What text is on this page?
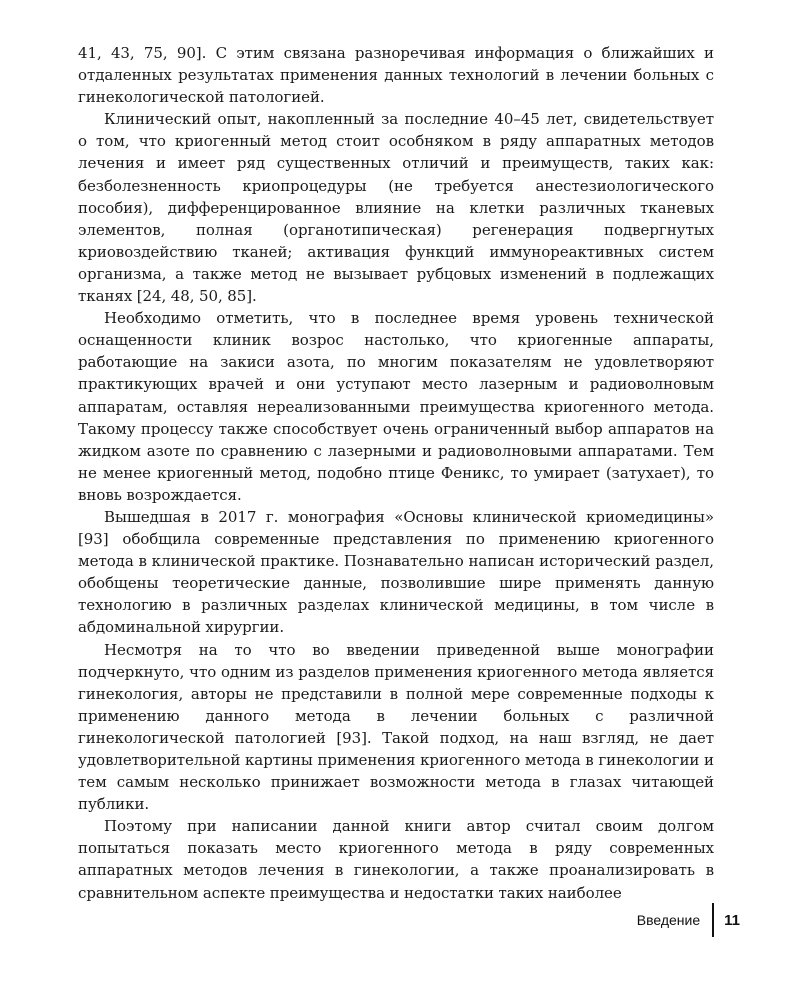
41, 43, 75, 90]. С этим связана разноречивая информация о ближайших и отдаленных результатах применения данных технологий в лечении больных с гинекологической патологией.

Клинический опыт, накопленный за последние 40–45 лет, свидетельствует о том, что криогенный метод стоит особняком в ряду аппаратных методов лечения и имеет ряд существенных отличий и преимуществ, таких как: безболезненность криопроцедуры (не требуется анестезиологического пособия), дифференцированное влияние на клетки различных тканевых элементов, полная (органотипическая) регенерация подвергнутых криовоздействию тканей; активация функций иммунореактивных систем организма, а также метод не вызывает рубцовых изменений в подлежащих тканях [24, 48, 50, 85].

Необходимо отметить, что в последнее время уровень технической оснащенности клиник возрос настолько, что криогенные аппараты, работающие на закиси азота, по многим показателям не удовлетворяют практикующих врачей и они уступают место лазерным и радиоволновым аппаратам, оставляя нереализованными преимущества криогенного метода. Такому процессу также способствует очень ограниченный выбор аппаратов на жидком азоте по сравнению с лазерными и радиоволновыми аппаратами. Тем не менее криогенный метод, подобно птице Феникс, то умирает (затухает), то вновь возрождается.

Вышедшая в 2017 г. монография «Основы клинической криомедицины» [93] обобщила современные представления по применению криогенного метода в клинической практике. Познавательно написан исторический раздел, обобщены теоретические данные, позволившие шире применять данную технологию в различных разделах клинической медицины, в том числе в абдоминальной хирургии.

Несмотря на то что во введении приведенной выше монографии подчеркнуто, что одним из разделов применения криогенного метода является гинекология, авторы не представили в полной мере современные подходы к применению данного метода в лечении больных с различной гинекологической патологией [93]. Такой подход, на наш взгляд, не дает удовлетворительной картины применения криогенного метода в гинекологии и тем самым несколько принижает возможности метода в глазах читающей публики.

Поэтому при написании данной книги автор считал своим долгом попытаться показать место криогенного метода в ряду современных аппаратных методов лечения в гинекологии, а также проанализировать в сравнительном аспекте преимущества и недостатки таких наиболее

Введение	11
